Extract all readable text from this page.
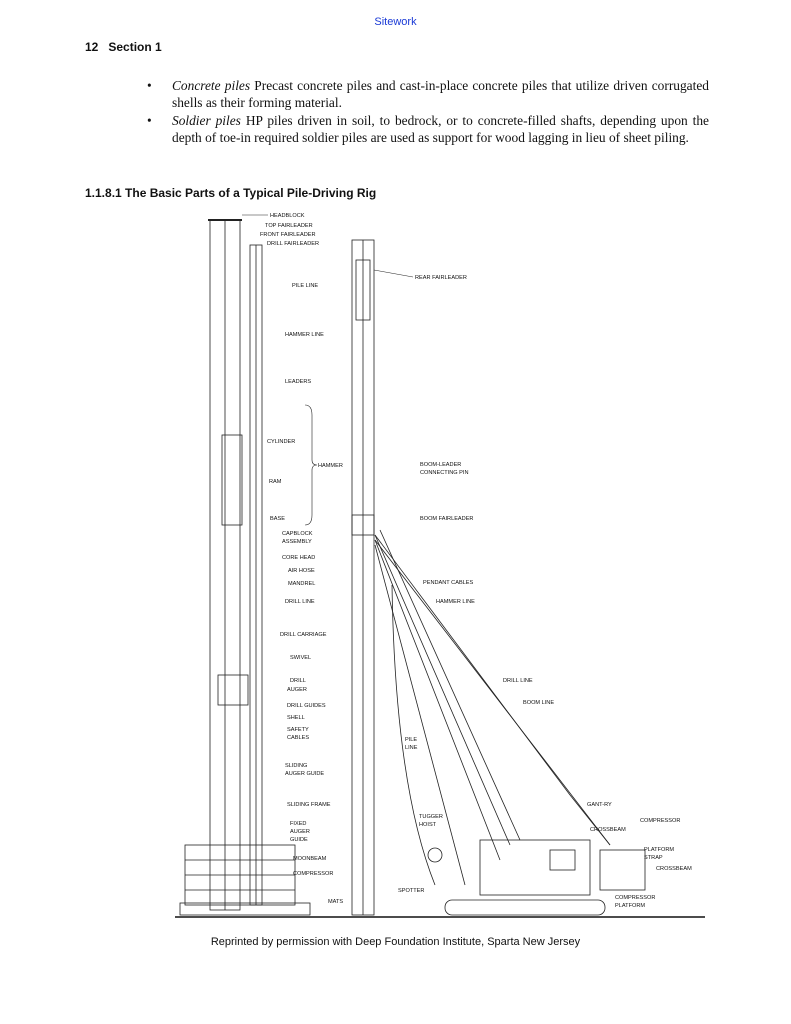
Sitework
12 Section 1
• Concrete piles Precast concrete piles and cast-in-place concrete piles that utilize driven corrugated shells as their forming material.
• Soldier piles HP piles driven in soil, to bedrock, or to concrete-filled shafts, depending upon the depth of toe-in required soldier piles are used as support for wood lagging in lieu of sheet piling.
1.1.8.1 The Basic Parts of a Typical Pile-Driving Rig
HEADBLOCK
TOP FAIRLEADER
FRONT FAIRLEADER
DRILL FAIRLEADER
REAR FAIRLEADER
PILE LINE
HAMMER LINE
LEADERS
CYLINDER
HAMMER
RAM
BOOM-LEADER
CONNECTING PIN
BASE	BOOM FAIRLEADER
CAPBLOCK
ASSEMBLY
CORE HEAD
AIR HOSE
MANDREL	PENDANT CABLES
DRILL LINE	HAMMER LINE
DRILL CARRIAGE
SWIVEL
DRILL	DRILL LINE
AUGER
BOOM LINE
DRILL GUIDES
SHELL
SAFETY
CABLES	PILE
LINE
SLIDING
AUGER GUIDE
GANT-RY
SLIDING FRAME
TUGGER
HOIST
CROSSBEAM
COMPRESSOR
FIXED
AUGER
GUIDE
PLATFORM
STRAP
MOONBEAM
CROSSBEAM
COMPRESSOR
SPOTTER
COMPRESSOR
PLATFORM
MATS
Reprinted by permission with Deep Foundation Institute, Sparta New Jersey
